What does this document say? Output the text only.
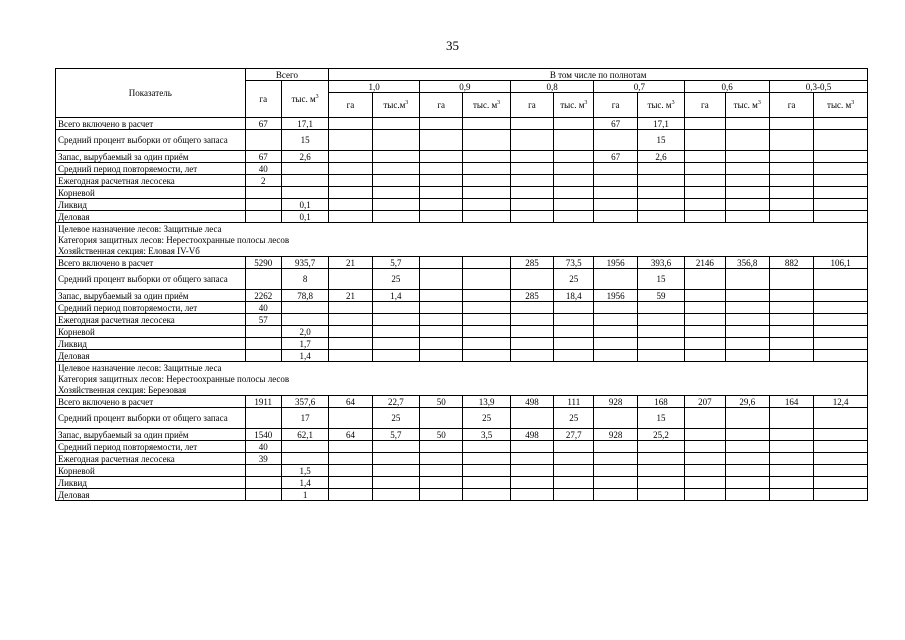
35
Показатель	Всего		В том числе по полнотам											
	га	тыс. $м^3$	1,0		0,9		0,8		0,7		0,6		0,3-0,5	
			га	$тыс.м^3$	га	тыс. $м^3$	га	тыс. $м^3$	га	тыс. $м^3$	га	тыс. $м^3$	га	тыс. $м^3$
Всего включено в расчет	67	17,1							67	17,1				
Средний процент выборки от общего запаса		15								15				
Запас, вырубаемый за один приём	67	2,6							67	2,6				
Средний период повторяемости, лет	40													
Ежегодная расчетная лесосека	2													
Корневой														
Ликвид		0,1												
Деловая		0,1												
Целевое назначение лесов: Защитные леса														
Категория защитных лесов: Нерестоохранные полосы лесов														
Хозяйственная секция: Еловая IV-Vб														
Всего включено в расчет	5290	935,7	21	5,7			285	73,5	1956	393,6	2146	356,8	882	106,1
Средний процент выборки от общего запаса		8		25				25		15				
Запас, вырубаемый за один приём	2262	78,8	21	1,4			285	18,4	1956	59				
Средний период повторяемости, лет	40													
Ежегодная расчетная лесосека	57													
Корневой		2,0												
Ликвид		1,7												
Деловая		1,4												
Целевое назначение лесов: Защитные леса														
Категория защитных лесов: Нерестоохранные полосы лесов														
Хозяйственная секция: Березовая														
Всего включено в расчет	1911	357,6	64	22,7	50	13,9	498	111	928	168	207	29,6	164	12,4
Средний процент выборки от общего запаса		17		25		25		25		15				
Запас, вырубаемый за один приём	1540	62,1	64	5,7	50	3,5	498	27,7	928	25,2				
Средний период повторяемости, лет	40													
Ежегодная расчетная лесосека	39													
Корневой		1,5												
Ликвид		1,4												
Деловая		1												
